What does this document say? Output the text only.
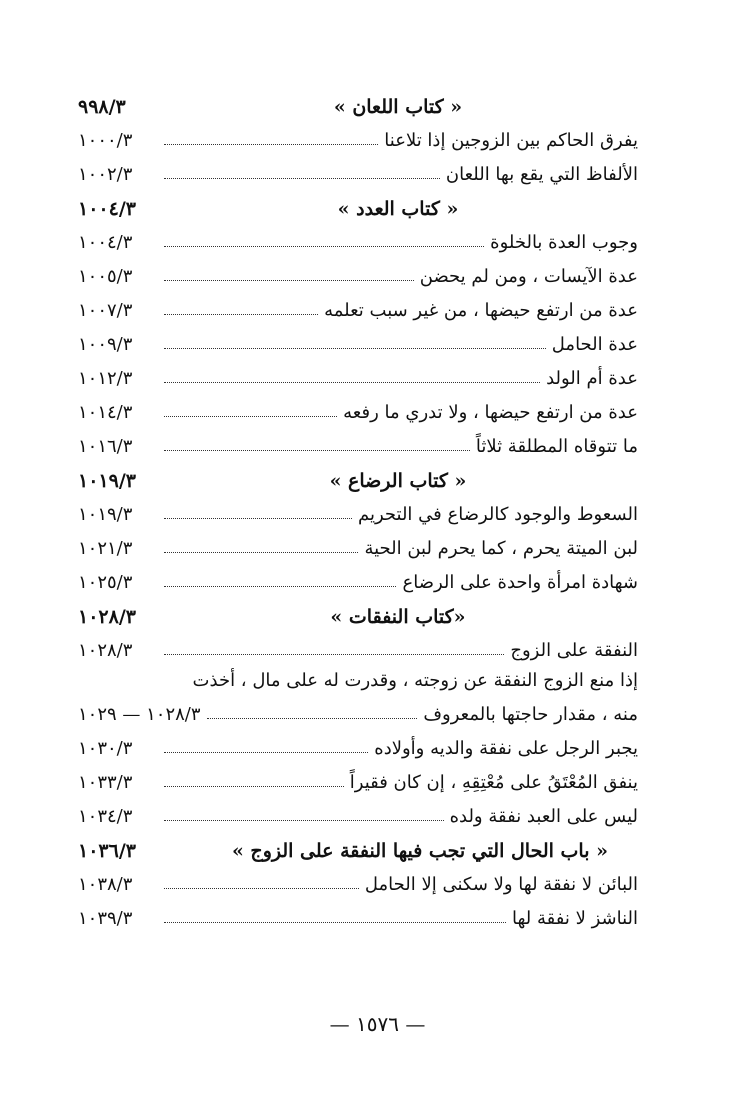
« كتاب اللعان »
٩٩٨/٣
يفرق الحاكم بين الزوجين إذا تلاعنا
١٠٠٠/٣
الألفاظ التي يقع بها اللعان
١٠٠٢/٣
« كتاب العدد »
١٠٠٤/٣
وجوب العدة بالخلوة
١٠٠٤/٣
عدة الآيسات ، ومن لم يحضن
١٠٠٥/٣
عدة من ارتفع حيضها ، من غير سبب تعلمه
١٠٠٧/٣
عدة الحامل
١٠٠٩/٣
عدة أم الولد
١٠١٢/٣
عدة من ارتفع حيضها ، ولا تدري ما رفعه
١٠١٤/٣
ما تتوقاه المطلقة ثلاثاً
١٠١٦/٣
« كتاب الرضاع »
١٠١٩/٣
السعوط والوجود كالرضاع في التحريم
١٠١٩/٣
لبن الميتة يحرم ، كما يحرم لبن الحية
١٠٢١/٣
شهادة امرأة واحدة على الرضاع
١٠٢٥/٣
«كتاب النفقات »
١٠٢٨/٣
النفقة على الزوج
١٠٢٨/٣
إذا منع الزوج النفقة عن زوجته ، وقدرت له على مال ، أخذت
منه ، مقدار حاجتها بالمعروف
١٠٢٨/٣ — ١٠٢٩
يجبر الرجل على نفقة والديه وأولاده
١٠٣٠/٣
ينفق المُعْتَقُ على مُعْتِقِهِ ، إن كان فقيراً
١٠٣٣/٣
ليس على العبد نفقة ولده
١٠٣٤/٣
« باب الحال التي تجب فيها النفقة على الزوج »
١٠٣٦/٣
البائن لا نفقة لها ولا سكنى إلا الحامل
١٠٣٨/٣
الناشز لا نفقة لها
١٠٣٩/٣
— ١٥٧٦ —
